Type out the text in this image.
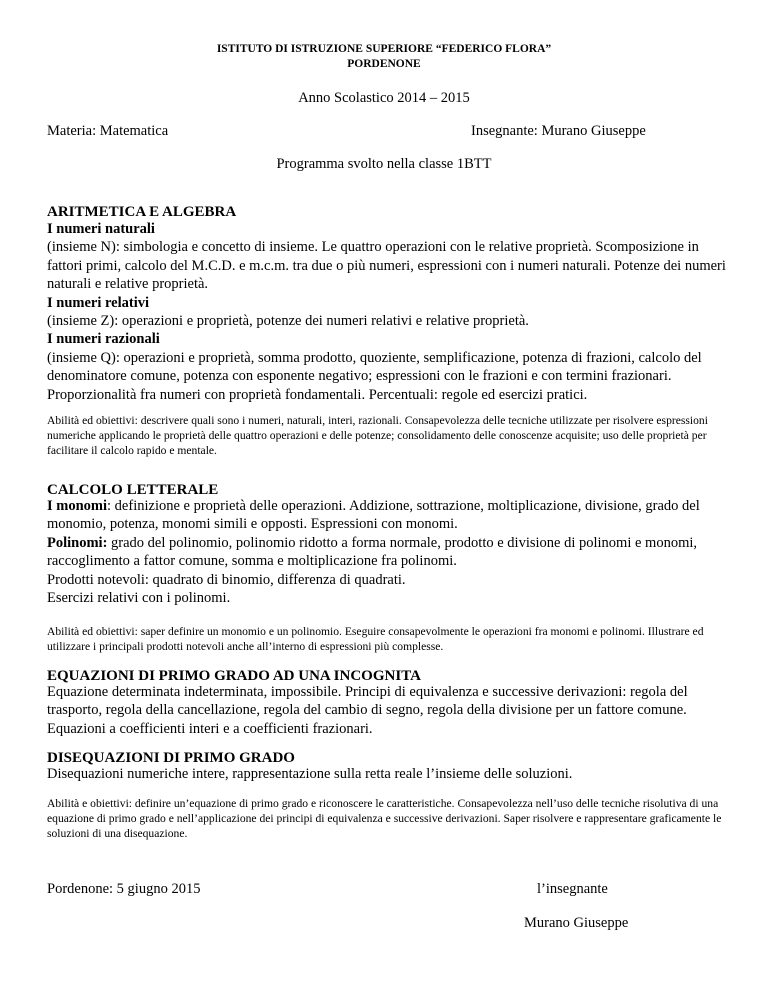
ISTITUTO DI ISTRUZIONE SUPERIORE “FEDERICO FLORA”
PORDENONE
Anno Scolastico 2014 – 2015
Materia: Matematica	Insegnante: Murano Giuseppe
Programma svolto nella classe 1BTT
ARITMETICA E ALGEBRA

I numeri naturali

(insieme N): simbologia e concetto di insieme. Le quattro operazioni con le relative proprietà. Scomposizione in fattori primi, calcolo del M.C.D. e m.c.m. tra due o più numeri, espressioni con i numeri naturali. Potenze dei numeri naturali e relative proprietà.

I numeri relativi

(insieme Z): operazioni e proprietà, potenze dei numeri relativi e relative proprietà.

I numeri razionali

(insieme Q): operazioni e proprietà, somma prodotto, quoziente, semplificazione, potenza di frazioni, calcolo del denominatore comune, potenza con esponente negativo; espressioni con le frazioni e con termini frazionari. Proporzionalità fra numeri con proprietà fondamentali. Percentuali: regole ed esercizi pratici.

Abilità ed obiettivi: descrivere quali sono i numeri, naturali, interi, razionali. Consapevolezza delle tecniche utilizzate per risolvere espressioni numeriche applicando le proprietà delle quattro operazioni e delle potenze; consolidamento delle conoscenze acquisite; uso delle proprietà per facilitare il calcolo rapido e mentale.
CALCOLO LETTERALE

I monomi: definizione e proprietà delle operazioni. Addizione, sottrazione, moltiplicazione, divisione, grado del monomio, potenza, monomi simili e opposti. Espressioni con monomi.

Polinomi: grado del polinomio, polinomio ridotto a forma normale, prodotto e divisione di polinomi e monomi, raccoglimento a fattor comune, somma e moltiplicazione fra polinomi.

Prodotti notevoli: quadrato di binomio, differenza di quadrati.

Esercizi relativi con i polinomi.

Abilità ed obiettivi: saper definire un monomio e un polinomio. Eseguire consapevolmente le operazioni fra monomi e polinomi. Illustrare ed utilizzare i principali prodotti notevoli anche all’interno di espressioni più complesse.
EQUAZIONI DI PRIMO GRADO AD UNA INCOGNITA
Equazione determinata indeterminata, impossibile. Principi di equivalenza e successive derivazioni: regola del trasporto, regola della cancellazione, regola del cambio di segno, regola della divisione per un fattore comune. Equazioni a coefficienti interi e a coefficienti frazionari.
DISEQUAZIONI DI PRIMO GRADO
Disequazioni numeriche intere, rappresentazione sulla retta reale l’insieme delle soluzioni.
Abilità e obiettivi: definire un’equazione di primo grado e riconoscere le caratteristiche. Consapevolezza nell’uso delle tecniche risolutiva di una equazione di primo grado e nell’applicazione dei principi di equivalenza e successive derivazioni. Saper risolvere e rappresentare graficamente le soluzioni di una disequazione.
Pordenone: 5 giugno 2015	l’insegnante
Murano Giuseppe
